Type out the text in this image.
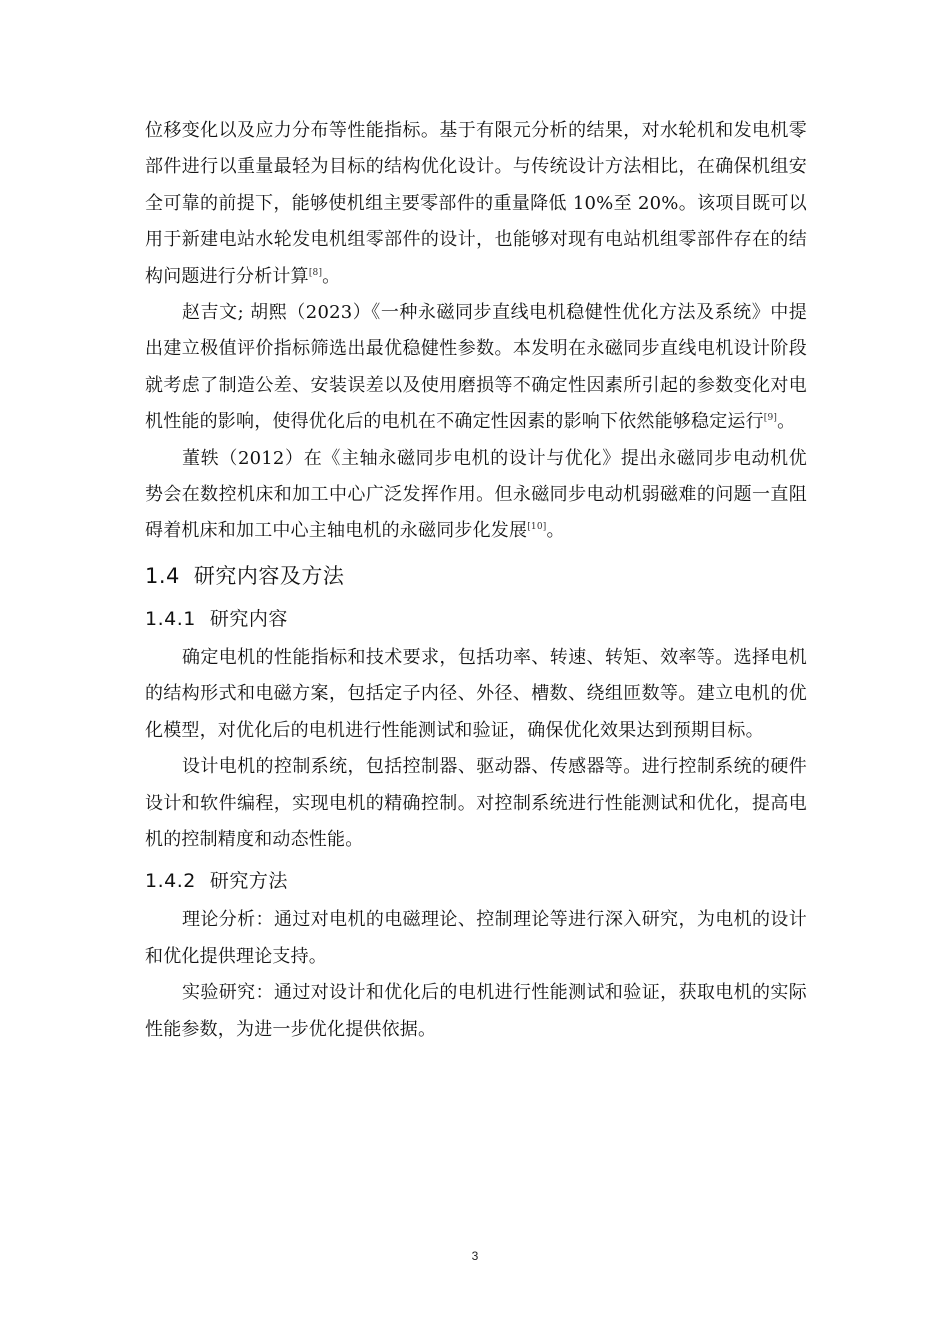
位移变化以及应力分布等性能指标。基于有限元分析的结果，对水轮机和发电机零部件进行以重量最轻为目标的结构优化设计。与传统设计方法相比，在确保机组安全可靠的前提下，能够使机组主要零部件的重量降低 10%至 20%。该项目既可以用于新建电站水轮发电机组零部件的设计，也能够对现有电站机组零部件存在的结构问题进行分析计算[8]。

赵吉文; 胡熙（2023）《一种永磁同步直线电机稳健性优化方法及系统》中提出建立极值评价指标筛选出最优稳健性参数。本发明在永磁同步直线电机设计阶段就考虑了制造公差、安装误差以及使用磨损等不确定性因素所引起的参数变化对电机性能的影响，使得优化后的电机在不确定性因素的影响下依然能够稳定运行[9]。

董轶（2012）在《主轴永磁同步电机的设计与优化》提出永磁同步电动机优势会在数控机床和加工中心广泛发挥作用。但永磁同步电动机弱磁难的问题一直阻碍着机床和加工中心主轴电机的永磁同步化发展[10]。

1.4 研究内容及方法
1.4.1 研究内容

确定电机的性能指标和技术要求，包括功率、转速、转矩、效率等。选择电机的结构形式和电磁方案，包括定子内径、外径、槽数、绕组匝数等。建立电机的优化模型，对优化后的电机进行性能测试和验证，确保优化效果达到预期目标。

设计电机的控制系统，包括控制器、驱动器、传感器等。进行控制系统的硬件设计和软件编程，实现电机的精确控制。对控制系统进行性能测试和优化，提高电机的控制精度和动态性能。

1.4.2 研究方法

理论分析：通过对电机的电磁理论、控制理论等进行深入研究，为电机的设计和优化提供理论支持。

实验研究：通过对设计和优化后的电机进行性能测试和验证，获取电机的实际性能参数，为进一步优化提供依据。

3
